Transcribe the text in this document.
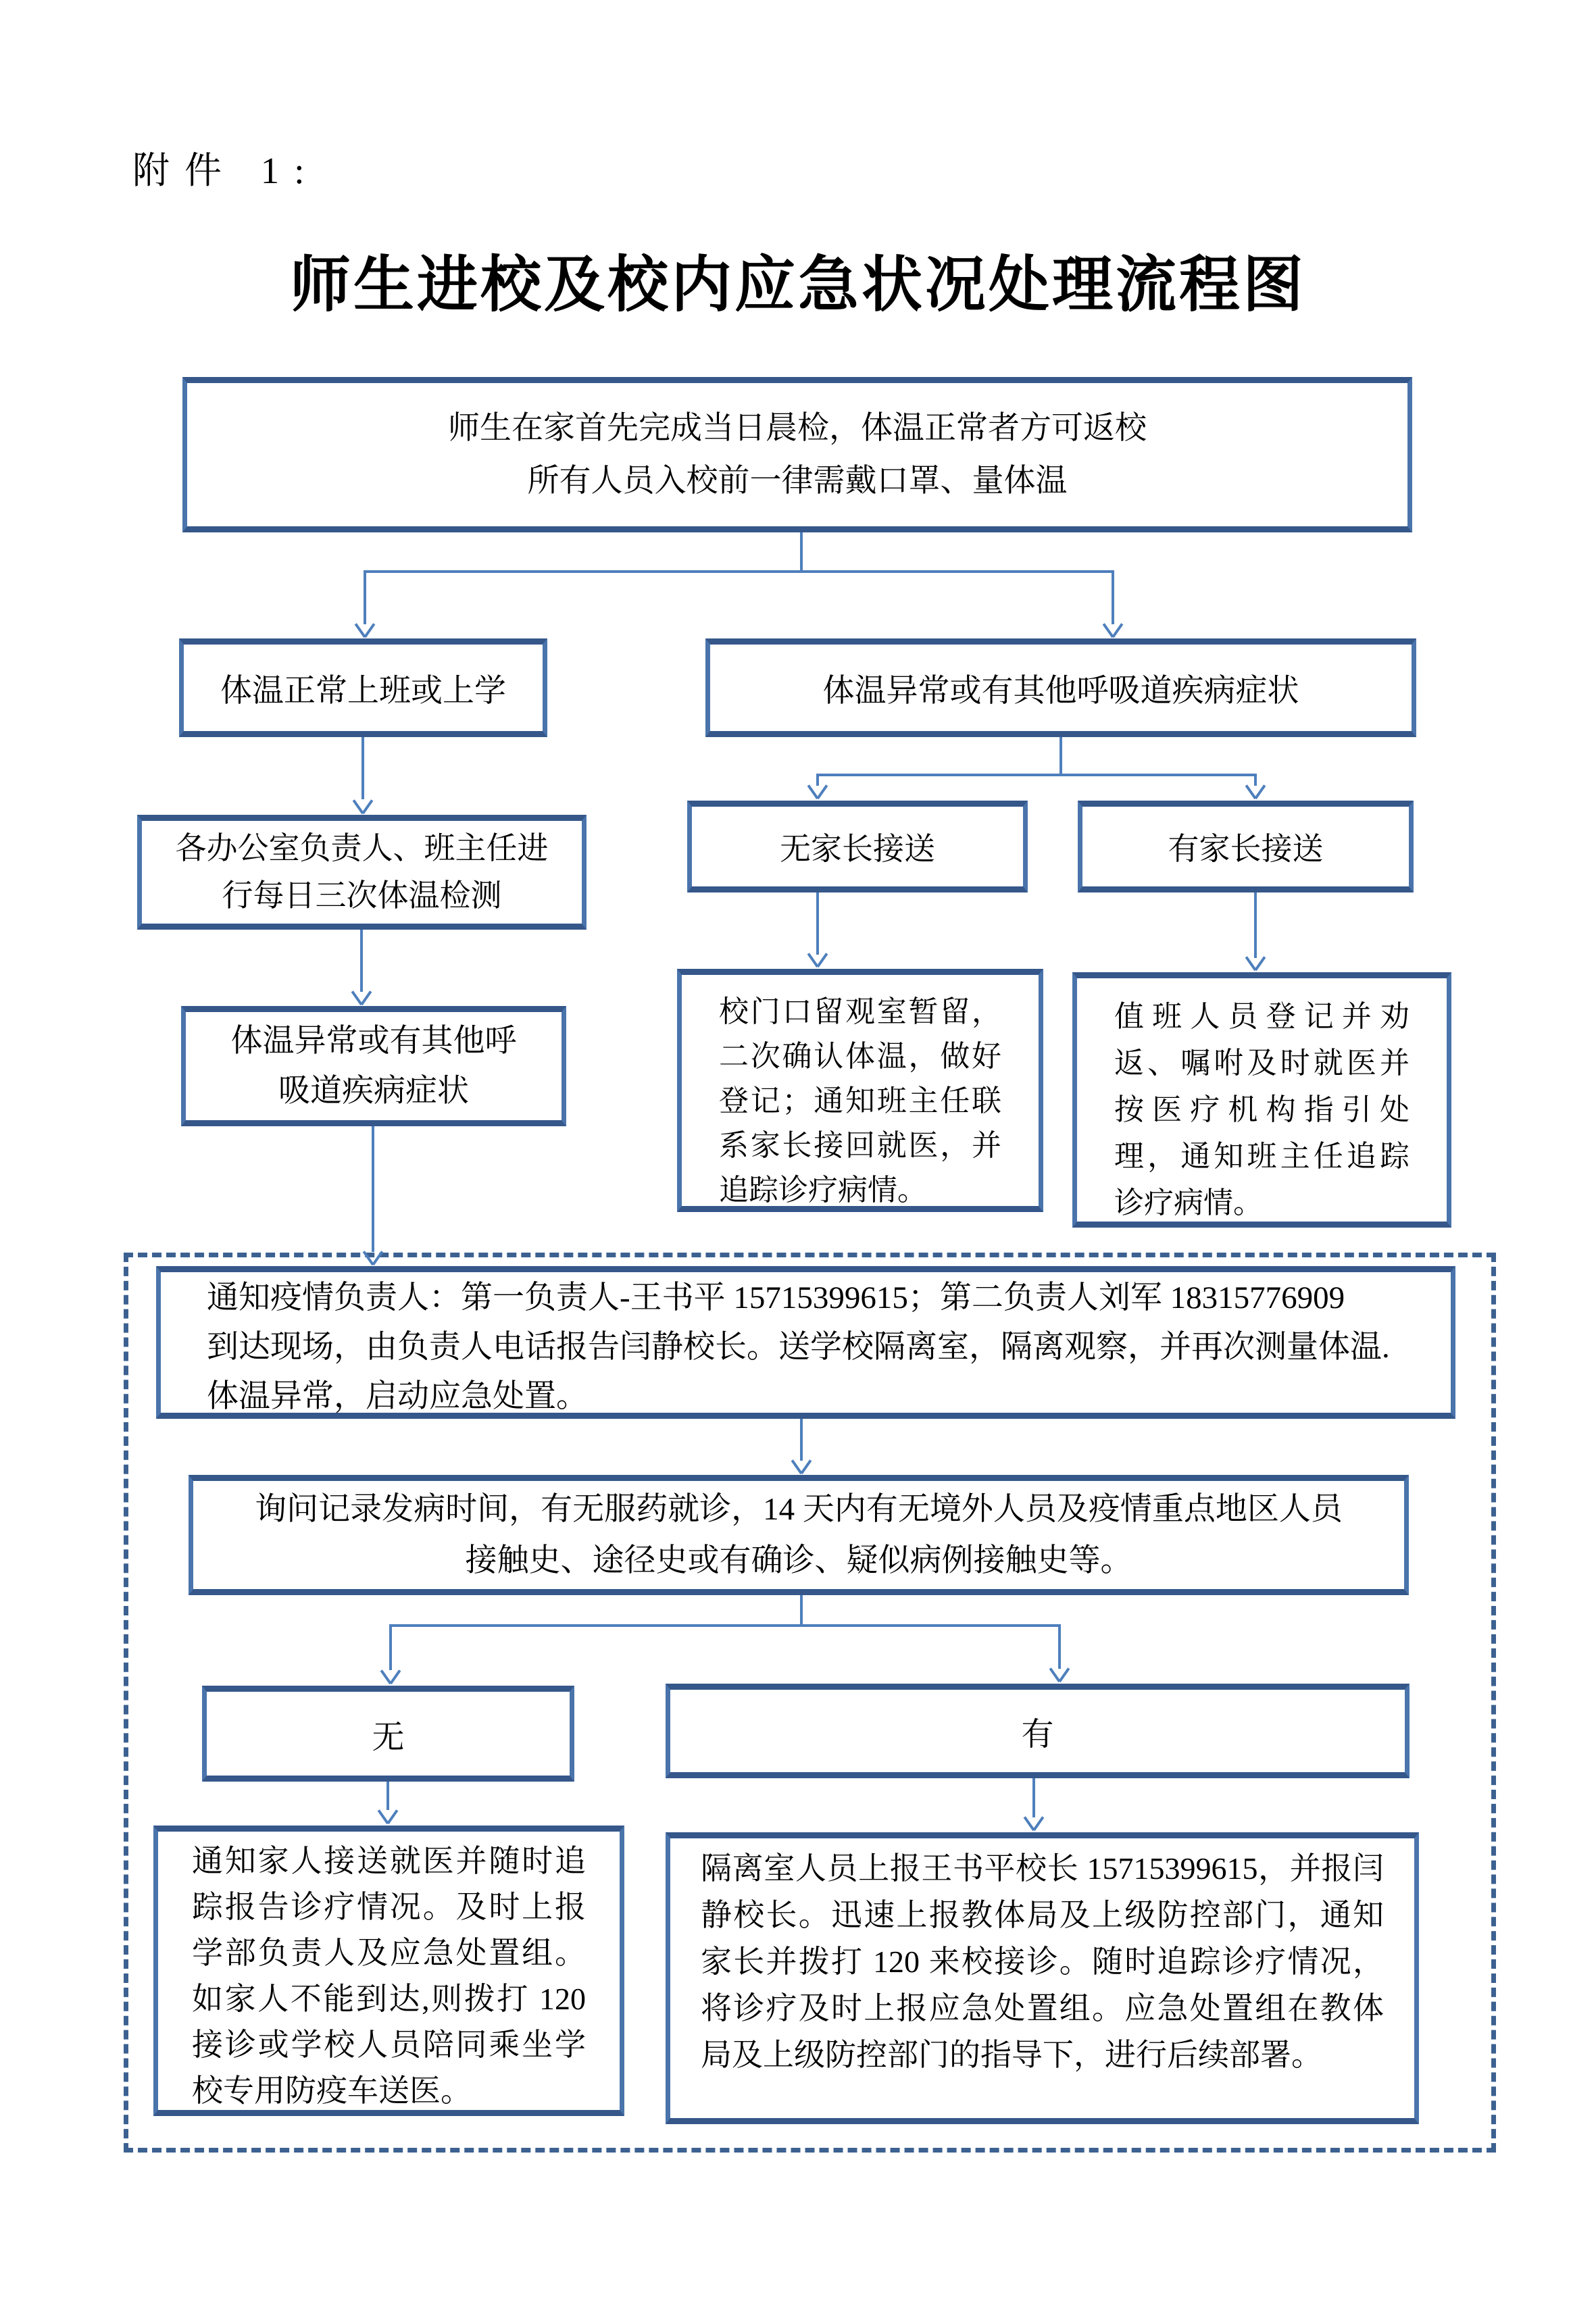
附件 1:
师生进校及校内应急状况处理流程图
师生在家首先完成当日晨检，体温正常者方可返校
所有人员入校前一律需戴口罩、量体温
体温正常上班或上学	体温异常或有其他呼吸道疾病症状
各办公室负责人、班主任进
行每日三次体温检测
无家长接送	有家长接送
体温异常或有其他呼
吸道疾病症状
校门口留观室暂留，二次确认体温，做好登记；通知班主任联系家长接回就医，并追踪诊疗病情。
值班人员登记并劝返、嘱咐及时就医并按医疗机构指引处理，通知班主任追踪诊疗病情。
通知疫情负责人：第一负责人-王书平 15715399615；第二负责人刘军 18315776909
到达现场，由负责人电话报告闫静校长。送学校隔离室，隔离观察，并再次测量体温.
体温异常，启动应急处置。
询问记录发病时间，有无服药就诊，14 天内有无境外人员及疫情重点地区人员接触史、途径史或有确诊、疑似病例接触史等。
无	有
通知家人接送就医并随时追踪报告诊疗情况。及时上报学部负责人及应急处置组。如家人不能到达,则拨打 120 接诊或学校人员陪同乘坐学校专用防疫车送医。
隔离室人员上报王书平校长 15715399615，并报闫静校长。迅速上报教体局及上级防控部门，通知家长并拨打 120 来校接诊。随时追踪诊疗情况，将诊疗及时上报应急处置组。应急处置组在教体局及上级防控部门的指导下，进行后续部署。
